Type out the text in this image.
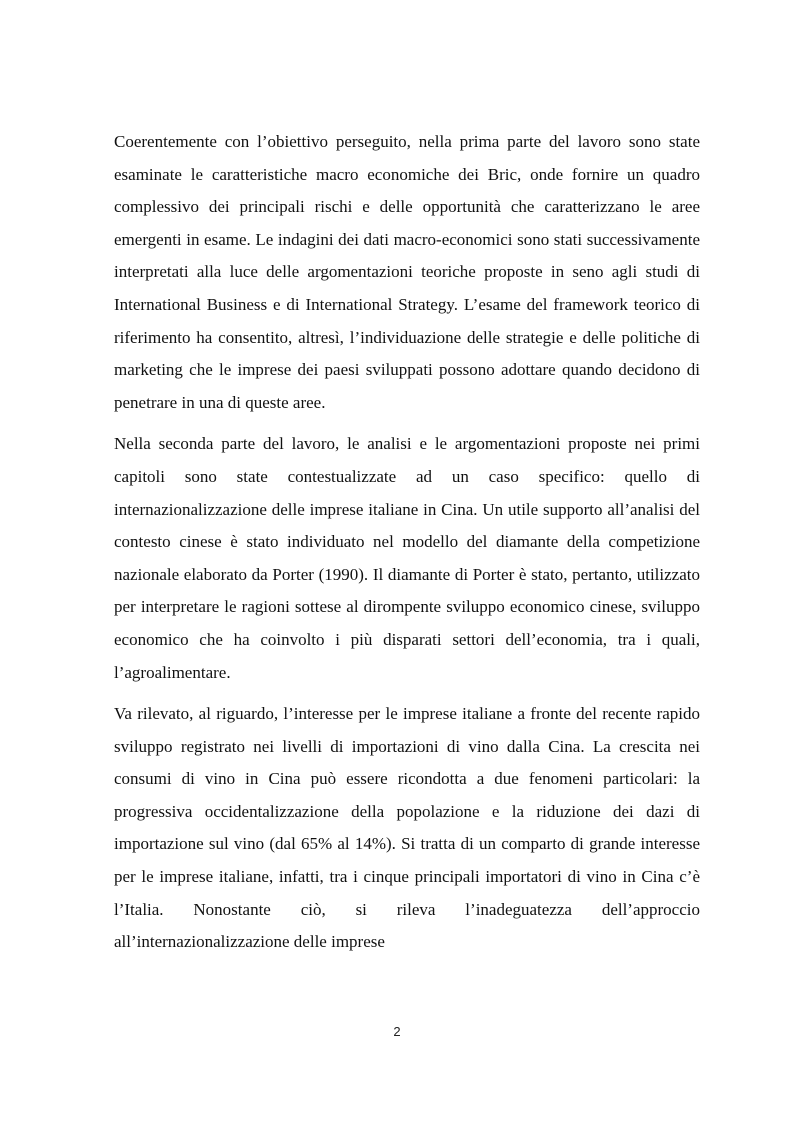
Coerentemente con l’obiettivo perseguito, nella prima parte del lavoro sono state esaminate le caratteristiche macro economiche dei Bric, onde fornire un quadro complessivo dei principali rischi e delle opportunità che caratterizzano le aree emergenti in esame. Le indagini dei dati macro-economici sono stati successivamente interpretati alla luce delle argomentazioni teoriche proposte in seno agli studi di International Business e di International Strategy. L’esame del framework teorico di riferimento ha consentito, altresì, l’individuazione delle strategie e delle politiche di marketing che le imprese dei paesi sviluppati possono adottare quando decidono di penetrare in una di queste aree.

Nella seconda parte del lavoro, le analisi e le argomentazioni proposte nei primi capitoli sono state contestualizzate ad un caso specifico: quello di internazionalizzazione delle imprese italiane in Cina. Un utile supporto all’analisi del contesto cinese è stato individuato nel modello del diamante della competizione nazionale elaborato da Porter (1990). Il diamante di Porter è stato, pertanto, utilizzato per interpretare le ragioni sottese al dirompente sviluppo economico cinese, sviluppo economico che ha coinvolto i più disparati settori dell’economia, tra i quali, l’agroalimentare.

Va rilevato, al riguardo, l’interesse per le imprese italiane a fronte del recente rapido sviluppo registrato nei livelli di importazioni di vino dalla Cina. La crescita nei consumi di vino in Cina può essere ricondotta a due fenomeni particolari: la progressiva occidentalizzazione della popolazione e la riduzione dei dazi di importazione sul vino (dal 65% al 14%). Si tratta di un comparto di grande interesse per le imprese italiane, infatti, tra i cinque principali importatori di vino in Cina c’è l’Italia. Nonostante ciò, si rileva l’inadeguatezza dell’approccio all’internazionalizzazione delle imprese

2
